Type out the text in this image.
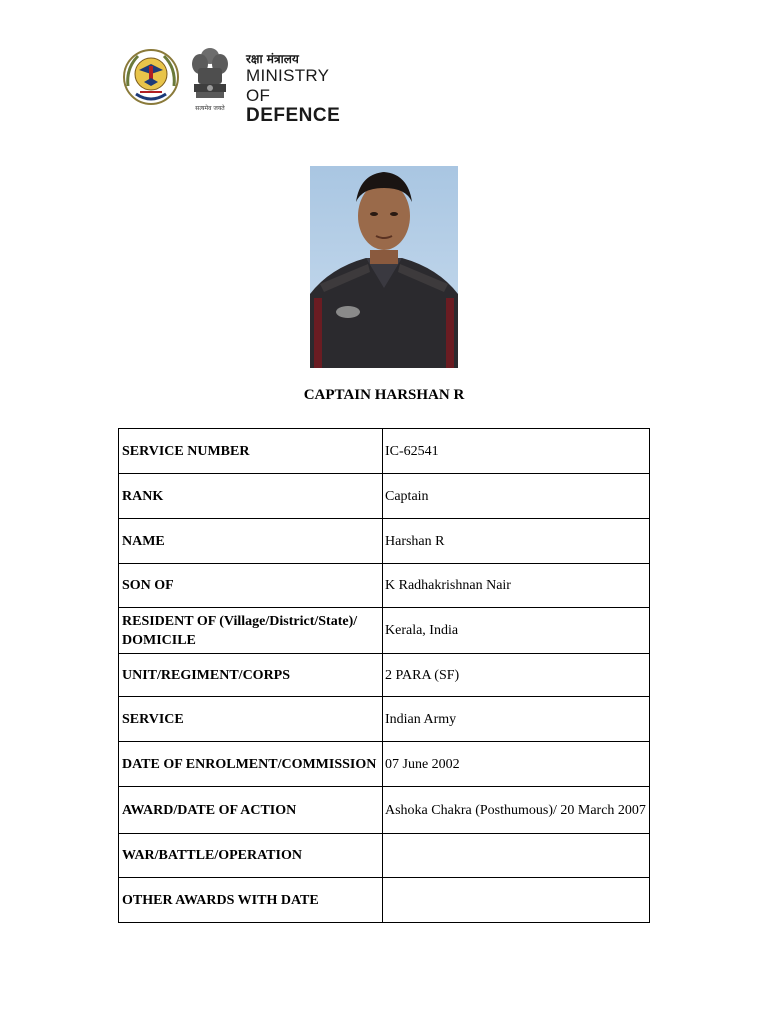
सत्यमेव जयते
रक्षा मंत्रालय
MINISTRY OF
DEFENCE
CAPTAIN HARSHAN R
SERVICE NUMBER	IC-62541
RANK	Captain
NAME	Harshan R
SON OF	K Radhakrishnan Nair
RESIDENT OF (Village/District/State)/ DOMICILE	Kerala, India
UNIT/REGIMENT/CORPS	2 PARA (SF)
SERVICE	Indian Army
DATE OF ENROLMENT/COMMISSION	07 June 2002
AWARD/DATE OF ACTION	Ashoka Chakra (Posthumous)/ 20 March 2007
WAR/BATTLE/OPERATION	
OTHER AWARDS WITH DATE	
